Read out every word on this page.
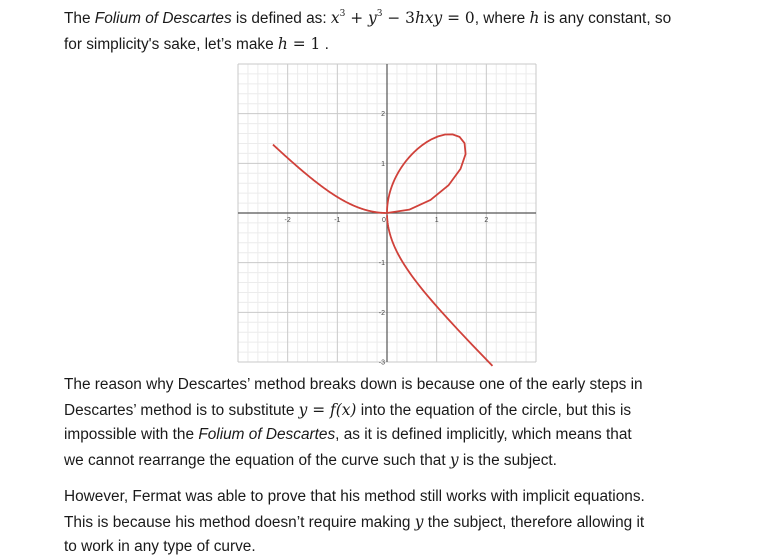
The Folium of Descartes is defined as: $x^3 + y^3 - 3hxy = 0$, where h is any constant, so
for simplicity's sake, let’s make h = 1 .

-2	-1	0	1	2
2
1
-1
-2
-3

The reason why Descartes’ method breaks down is because one of the early steps in
Descartes’ method is to substitute y = f(x) into the equation of the circle, but this is
impossible with the Folium of Descartes, as it is defined implicitly, which means that
we cannot rearrange the equation of the curve such that y is the subject.

However, Fermat was able to prove that his method still works with implicit equations.
This is because his method doesn’t require making y the subject, therefore allowing it
to work in any type of curve.
